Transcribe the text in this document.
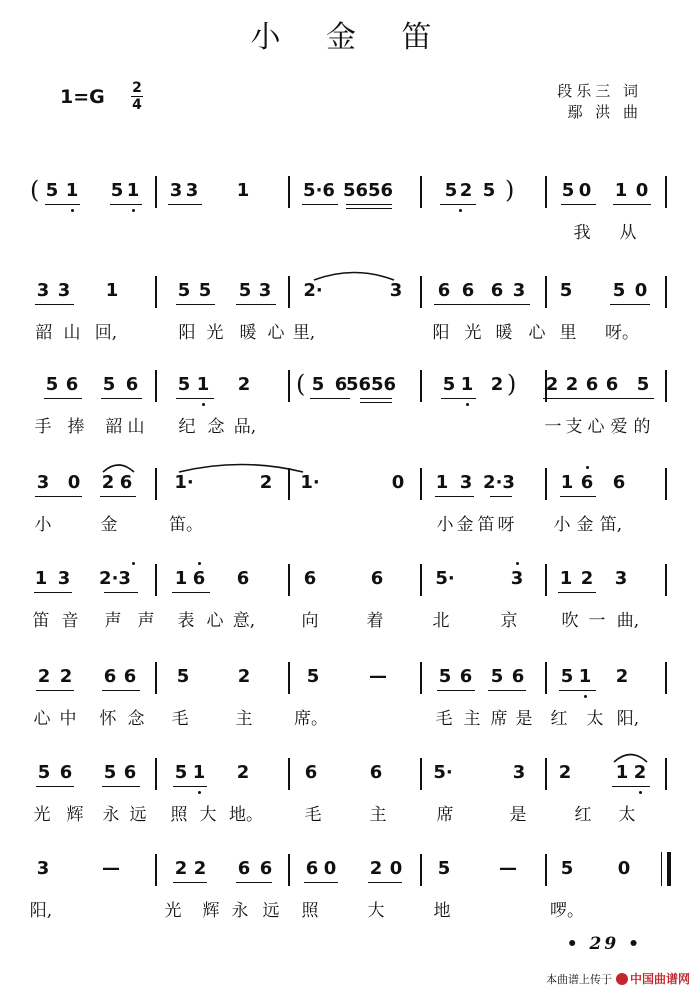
小 金 笛
1=G 2
4
段乐三 词
鄢 洪 曲
5 1 5 1 3 3 1	5·6 5656	5 2 5	5 0 1 0
我 从
(	)
3 3 1	5 5 5 3 2·	3 6 6 6 3 5 5 0
韶 山 回,	阳 光 暖 心 里,	阳 光 暖 心 里 呀。
5 6 5 6 5 1 2	5 6
5656	5 1 2 2 2 6 6 5
手 捧 韶 山 纪 念 品,	一 支 心 爱 的
(	)
3 0 2 6 1·	2 1·	0 1 3 2·3	1 6 6
小	金	笛。	小 金 笛 呀 小 金 笛,
1 3 2·3 1 6 6	6	6	5·	3 1 2 3
笛 音 声 声 表 心 意,	向	着	北	京	吹 一 曲,
2 2 6 6 5	2	5	—	5 6 5 6 5 1 2
心 中 怀 念 毛	主 席。	毛 主 席 是 红 太 阳,
5 6 5 6 5 1 2	6	6	5·	3 2 1 2
光 辉 永 远 照 大 地。 毛	主	席	是	红 太
3	—	2 2 6 6 6 0 2 0 5	— 5 0
阳,	光 辉 永 远 照	大	地	啰。
• 29 •
本曲谱上传于 中国曲谱网
